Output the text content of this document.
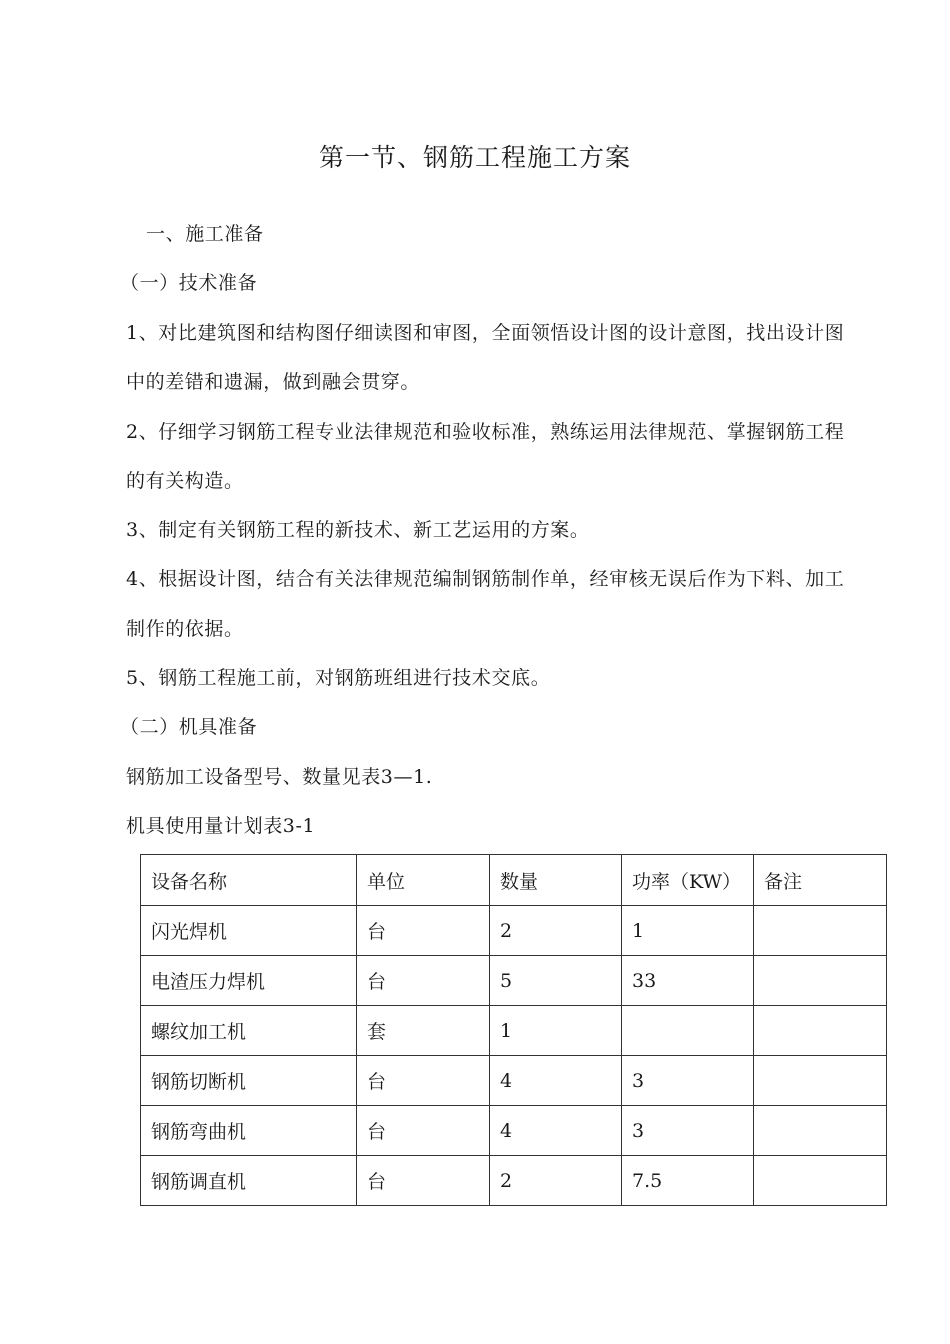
第一节、钢筋工程施工方案
一、施工准备
（一）技术准备
1、对比建筑图和结构图仔细读图和审图，全面领悟设计图的设计意图，找出设计图
中的差错和遗漏，做到融会贯穿。
2、仔细学习钢筋工程专业法律规范和验收标准，熟练运用法律规范、掌握钢筋工程
的有关构造。
3、制定有关钢筋工程的新技术、新工艺运用的方案。
4、根据设计图，结合有关法律规范编制钢筋制作单，经审核无误后作为下料、加工
制作的依据。
5、钢筋工程施工前，对钢筋班组进行技术交底。
（二）机具准备
钢筋加工设备型号、数量见表3—1.
机具使用量计划表3-1
设备名称	单位	数量	功率（KW）	备注
闪光焊机	台	2	1	
电渣压力焊机	台	5	33	
螺纹加工机	套	1		
钢筋切断机	台	4	3	
钢筋弯曲机	台	4	3	
钢筋调直机	台	2	7.5	
